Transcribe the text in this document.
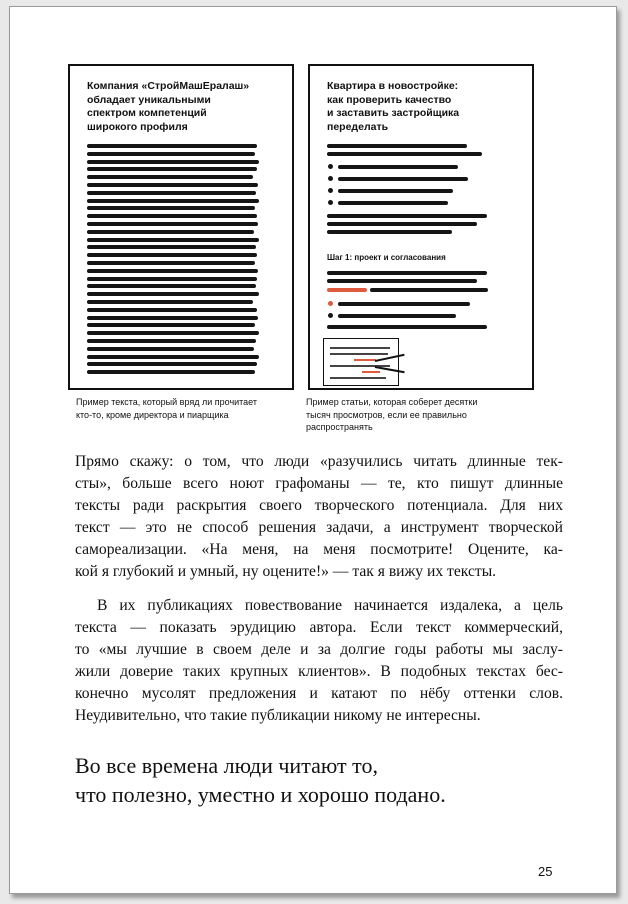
Компания «СтройМашЕралаш»
обладает уникальными
спектром компетенций
широкого профиля
Квартира в новостройке:
как проверить качество
и заставить застройщика
переделать
Шаг 1: проект и согласования
Пример текста, который вряд ли прочитает
кто-то, кроме директора и пиарщика
Пример статьи, которая соберет десятки
тысяч просмотров, если ее правильно
распространять

Прямо скажу: о том, что люди «разучились читать длинные тек-
сты», больше всего ноют графоманы — те, кто пишут длинные
тексты ради раскрытия своего творческого потенциала. Для них
текст — это не способ решения задачи, а инструмент творческой
самореализации. «На меня, на меня посмотрите! Оцените, ка-
кой я глубокий и умный, ну оцените!» — так я вижу их тексты.

В их публикациях повествование начинается издалека, а цель
текста — показать эрудицию автора. Если текст коммерческий,
то «мы лучшие в своем деле и за долгие годы работы мы заслу-
жили доверие таких крупных клиентов». В подобных текстах бес-
конечно мусолят предложения и катают по нёбу оттенки слов.
Неудивительно, что такие публикации никому не интересны.

Во все времена люди читают то,
что полезно, уместно и хорошо подано.
25
